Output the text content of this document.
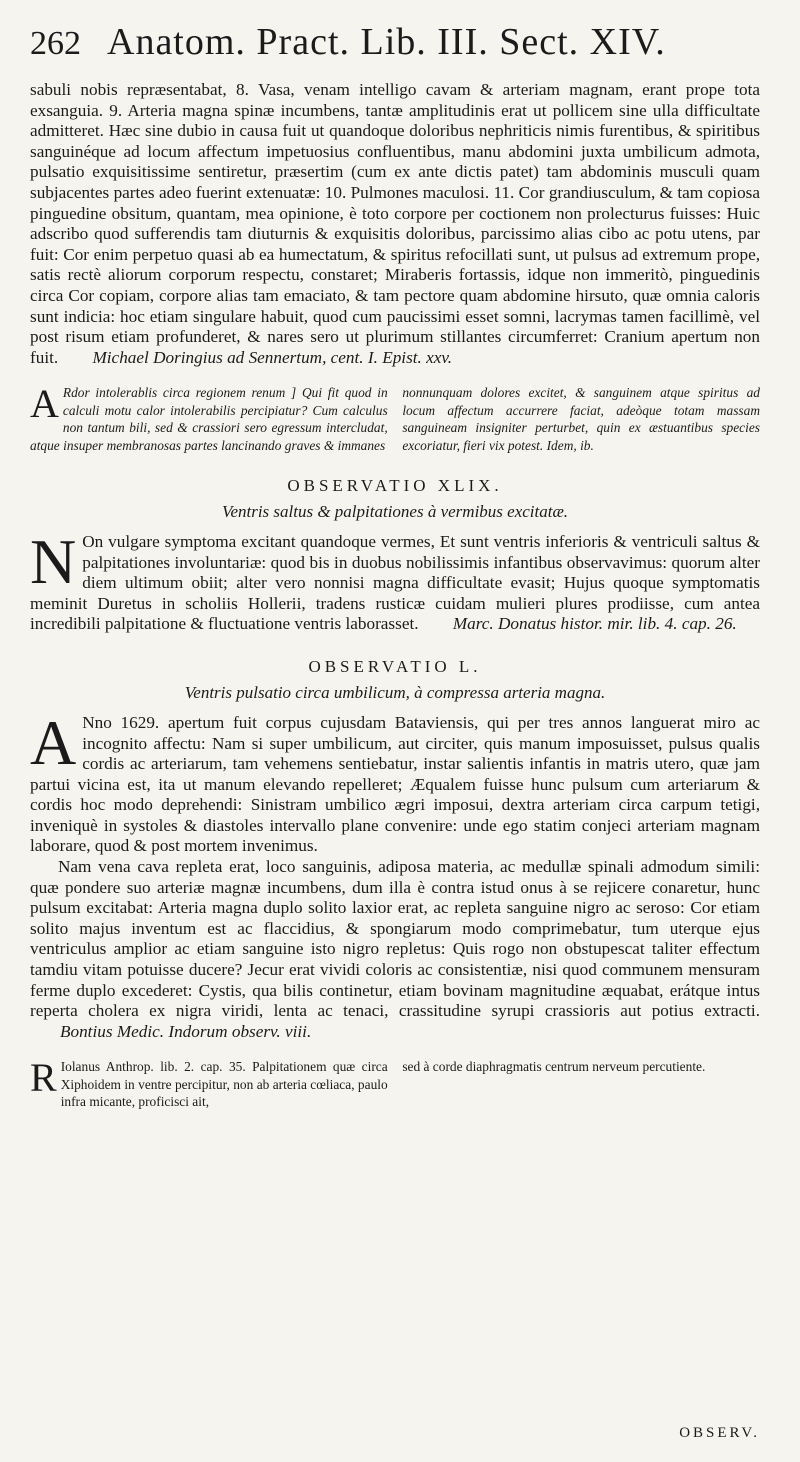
262 Anatom. Pract. Lib. III. Sect. XIV.

sabuli nobis repræsentabat, 8. Vasa, venam intelligo cavam & arteriam magnam, erant prope tota exsanguia. 9. Arteria magna spinæ incumbens, tantæ amplitudinis erat ut pollicem sine ulla difficultate admitteret. Hæc sine dubio in causa fuit ut quandoque doloribus nephriticis nimis furentibus, & spiritibus sanguinéque ad locum affectum impetuosius confluentibus, manu abdomini juxta umbilicum admota, pulsatio exquisitissime sentiretur, præsertim (cum ex ante dictis patet) tam abdominis musculi quam subjacentes partes adeo fuerint extenuatæ: 10. Pulmones maculosi. 11. Cor grandiusculum, & tam copiosa pinguedine obsitum, quantam, mea opinione, è toto corpore per coctionem non prolecturus fuisses: Huic adscribo quod sufferendis tam diuturnis & exquisitis doloribus, parcissimo alias cibo ac potu utens, par fuit: Cor enim perpetuo quasi ab ea humectatum, & spiritus refocillati sunt, ut pulsus ad extremum prope, satis rectè aliorum corporum respectu, constaret; Miraberis fortassis, idque non immeritò, pinguedinis circa Cor copiam, corpore alias tam emaciato, & tam pectore quam abdomine hirsuto, quæ omnia caloris sunt indicia: hoc etiam singulare habuit, quod cum paucissimi esset somni, lacrymas tamen facillimè, vel post risum etiam profunderet, & nares sero ut plurimum stillantes circumferret: Cranium apertum non fuit. Michael Doringius ad Sennertum, cent. I. Epist. xxv.

A Rdor intolerablis circa regionem renum ] Qui fit quod in calculi motu calor intolerabilis percipiatur? Cum calculus non tantum bili, sed & crassiori sero egressum intercludat, atque insuper membranosas partes lancinando graves & immanes

nonnunquam dolores excitet, & sanguinem atque spiritus ad locum affectum accurrere faciat, adeòque totam massam sanguineam insigniter perturbet, quin ex æstuantibus species excoriatur, fieri vix potest. Idem, ib.

OBSERVATIO XLIX.
Ventris saltus & palpitationes à vermibus excitatæ.

N On vulgare symptoma excitant quandoque vermes, Et sunt ventris inferioris & ventriculi saltus & palpitationes involuntariæ: quod bis in duobus nobilissimis infantibus observavimus: quorum alter diem ultimum obiit; alter vero nonnisi magna difficultate evasit; Hujus quoque symptomatis meminit Duretus in scholiis Hollerii, tradens rusticæ cuidam mulieri plures prodiisse, cum antea incredibili palpitatione & fluctuatione ventris laborasset. Marc. Donatus histor. mir. lib. 4. cap. 26.

OBSERVATIO L.
Ventris pulsatio circa umbilicum, à compressa arteria magna.

A Nno 1629. apertum fuit corpus cujusdam Bataviensis, qui per tres annos languerat miro ac incognito affectu: Nam si super umbilicum, aut circiter, quis manum imposuisset, pulsus qualis cordis ac arteriarum, tam vehemens sentiebatur, instar salientis infantis in matris utero, quæ jam partui vicina est, ita ut manum elevando repelleret; Æqualem fuisse hunc pulsum cum arteriarum & cordis hoc modo deprehendi: Sinistram umbilico ægri imposui, dextra arteriam circa carpum tetigi, inveniquè in systoles & diastoles intervallo plane convenire: unde ego statim conjeci arteriam magnam laborare, quod & post mortem invenimus.

Nam vena cava repleta erat, loco sanguinis, adiposa materia, ac medullæ spinali admodum simili: quæ pondere suo arteriæ magnæ incumbens, dum illa è contra istud onus à se rejicere conaretur, hunc pulsum excitabat: Arteria magna duplo solito laxior erat, ac repleta sanguine nigro ac seroso: Cor etiam solito majus inventum est ac flaccidius, & spongiarum modo comprimebatur, tum uterque ejus ventriculus amplior ac etiam sanguine isto nigro repletus: Quis rogo non obstupescat taliter effectum tamdiu vitam potuisse ducere? Jecur erat vividi coloris ac consistentiæ, nisi quod communem mensuram ferme duplo excederet: Cystis, qua bilis continetur, etiam bovinam magnitudine æquabat, erátque intus reperta cholera ex nigra viridi, lenta ac tenaci, crassitudine syrupi crassioris aut potius extracti. Bontius Medic. Indorum observ. viii.

R Iolanus Anthrop. lib. 2. cap. 35. Palpitationem quæ circa Xiphoidem in ventre percipitur, non ab arteria cœliaca, paulo infra micante, proficisci ait,

sed à corde diaphragmatis centrum nerveum percutiente.

OBSERV.
